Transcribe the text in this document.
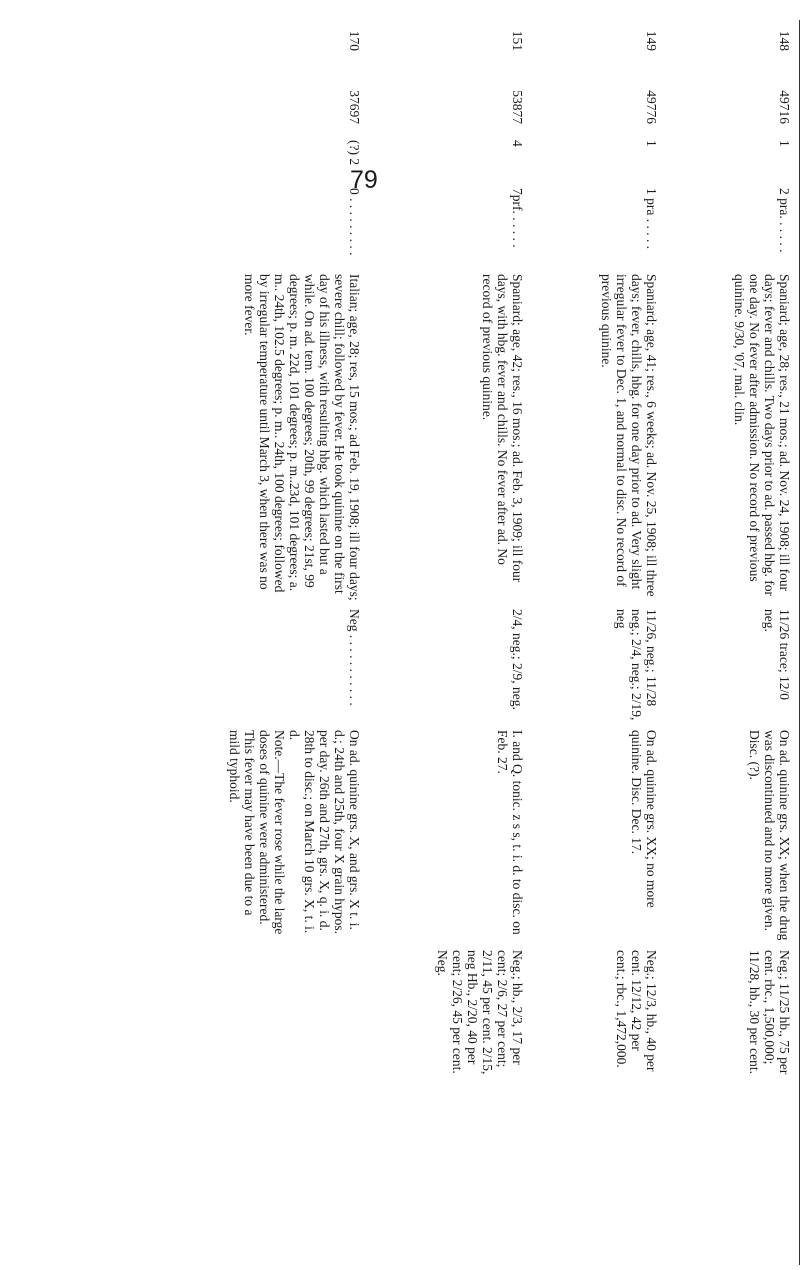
79
148
49716
1
2 pra. . . . . .
Spaniard; age, 28; res., 21 mos.; ad. Nov. 24, 1908; ill four days; fever and chills. Two days prior to ad. passed hbg. for one day. No fever after admission. No record of previous quinine. 9/30, '07, mal. clin.
11/26 trace; 12/0 neg.
On ad. quinine grs. XX; when the drug was discontinued and no more given. Disc. (?).
Neg.; 11/25 hb., 75 per cent. rbc., 1,500,000; 11/28, hb., 30 per cent.
149
49776
1
1 pra . . . . .
Spaniard; age, 41; res., 6 weeks; ad. Nov. 25, 1908; ill three days; fever, chills, hbg. for one day prior to ad. Very slight irregular fever to Dec. 1, and normal to disc. No record of previous quinine.
11/26, neg.; 11/28 neg.; 2/4, neg.; 2/19, neg
On ad. quinine grs. XX; no more quinine. Disc. Dec. 17.
Neg.; 12/3, hb., 40 per cent. 12/12, 42 per cent.; rbc., 1,472,000.
151
53877
4
7prf. . . . . .
Spaniard; age, 42; res., 16 mos.; ad. Feb. 3, 1909; ill four days, with hbg. fever and chills. No fever after ad. No record of previous quinine.
2/4, neg.; 2/9, neg.
I. and Q. tonic. z s s, t. i. d. to disc. on Feb. 27.
Neg.; hb., 2/3, 17 per cent; 2/6, 27 per cent; 2/11, 45 per cent. 2/15, neg Hb., 2/20, 40 per cent; 2/26, 45 per cent. Neg.
170
37697
(?) 2
0 . . . . . . . . .
Italian; age, 28; res, 15 mos.; ad Feb. 19, 1908; ill four days; severe chill; followed by fever. He took quinine on the first day of his illness, with resulting hbg. which lasted but a while. On ad. tem. 100 degrees; 20th, 99 degrees; 21st, 99 degrees; p. m. 22d, 101 degrees; p. m..23d, 101 degrees; a. m.. 24th, 102.5 degrees; p. m.. 24th, 100 degrees; followed by irregular temperature until March 3, when there was no more fever.
Neg . . . . . . . . . . .
On ad. quinine grs. X, and grs. X t. i. d.; 24th and 25th, four X grain hypos. per day. 26th and 27th, grs. X, q. i. d. 28th to disc.; on March 10 grs. X, t. i. d.
Note.—The fever rose while the large doses of quinine were administered. This fever may have been due to a mild typhoid.
